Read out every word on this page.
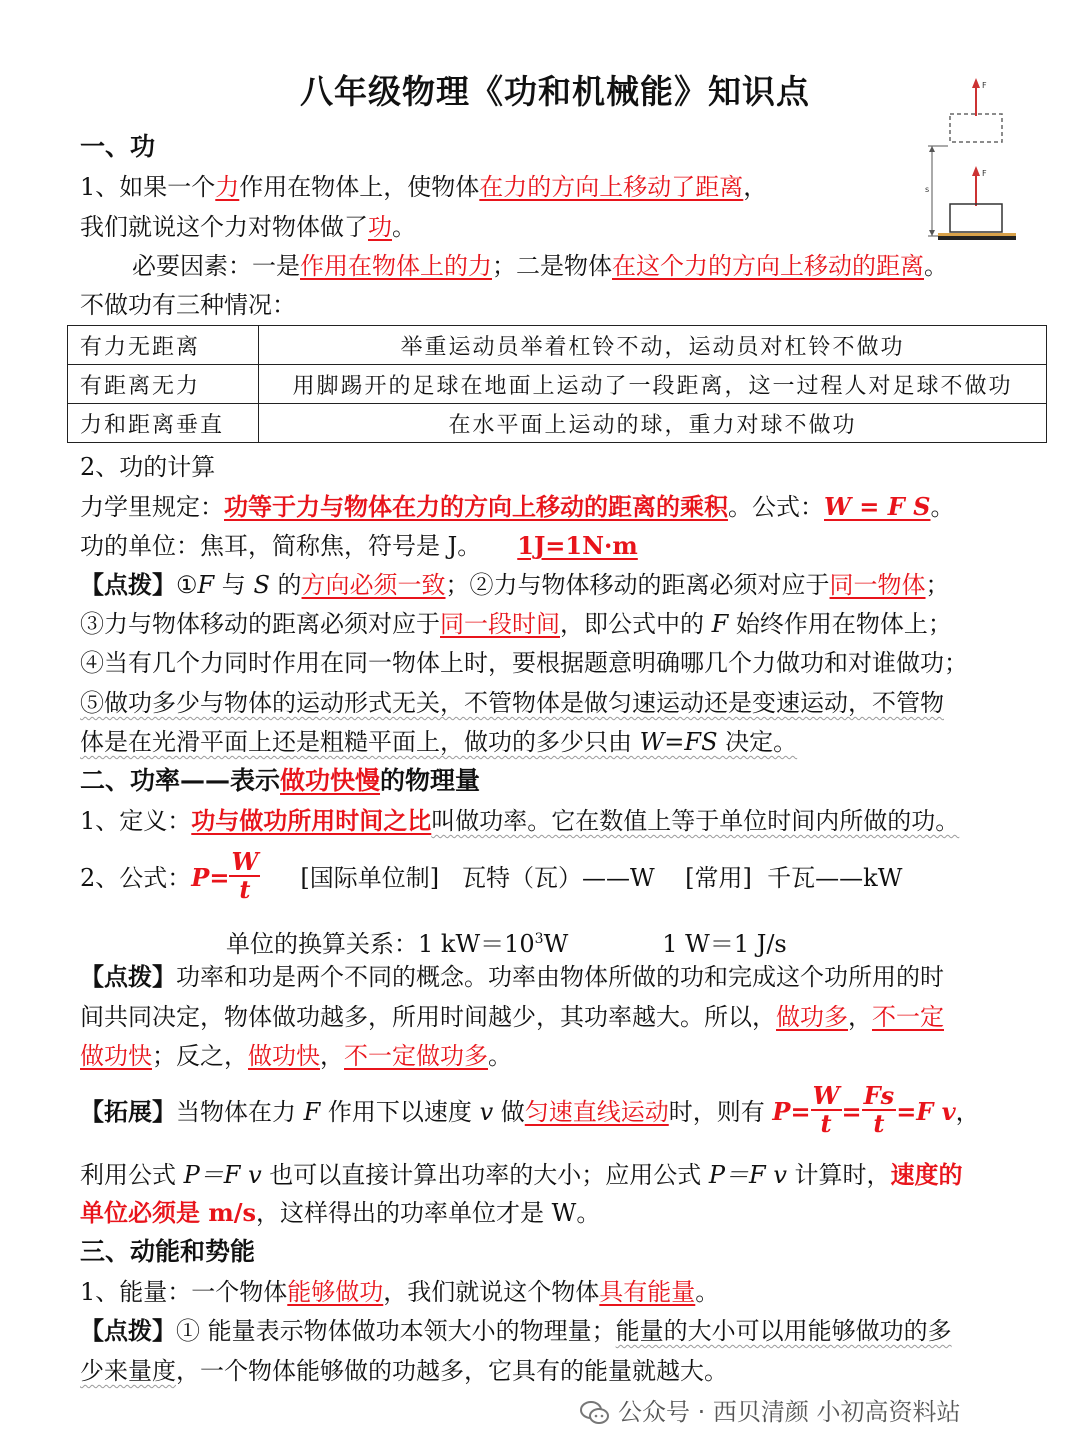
八年级物理《功和机械能》知识点	F
s
F
一、功
1、如果一个力作用在物体上，使物体在力的方向上移动了距离，
我们就说这个力对物体做了功。
必要因素：一是作用在物体上的力；二是物体在这个力的方向上移动的距离。
不做功有三种情况：
有力无距离	举重运动员举着杠铃不动，运动员对杠铃不做功
有距离无力	用脚踢开的足球在地面上运动了一段距离，这一过程人对足球不做功
力和距离垂直	在水平面上运动的球，重力对球不做功
2、功的计算
力学里规定：功等于力与物体在力的方向上移动的距离的乘积。公式：W = F S。
功的单位：焦耳，简称焦，符号是 J。 1J=1N·m
【点拨】①F 与 S 的方向必须一致；②力与物体移动的距离必须对应于同一物体；
③力与物体移动的距离必须对应于同一段时间，即公式中的 F 始终作用在物体上；
④当有几个力同时作用在同一物体上时，要根据题意明确哪几个力做功和对谁做功；
⑤做功多少与物体的运动形式无关，不管物体是做匀速运动还是变速运动，不管物
体是在光滑平面上还是粗糙平面上，做功的多少只由 W=FS 决定。
二、功率——表示做功快慢的物理量
1、定义：功与做功所用时间之比叫做功率。它在数值上等于单位时间内所做的功。
2、公式：$P= \frac{W}{t}$ [国际单位制]   瓦特（瓦）——W    [常用]  千瓦——kW
单位的换算关系：1 $kW=10^3W$	1 W＝1 J/s
【点拨】功率和功是两个不同的概念。功率由物体所做的功和完成这个功所用的时
间共同决定，物体做功越多，所用时间越少，其功率越大。所以，做功多，不一定
做功快；反之，做功快，不一定做功多。
【拓展】当物体在力 F 作用下以速度 v 做匀速直线运动时，则有 $P= \frac{W}{t} = \frac{Fs}{t} =F$ v，
利用公式 P＝F v 也可以直接计算出功率的大小；应用公式 P＝F v 计算时，速度的
单位必须是 m/s，这样得出的功率单位才是 W。
三、动能和势能
1、能量：一个物体能够做功，我们就说这个物体具有能量。
【点拨】① 能量表示物体做功本领大小的物理量；能量的大小可以用能够做功的多
少来量度，一个物体能够做的功越多，它具有的能量就越大。
公众号 · 西贝清颜 小初高资料站
